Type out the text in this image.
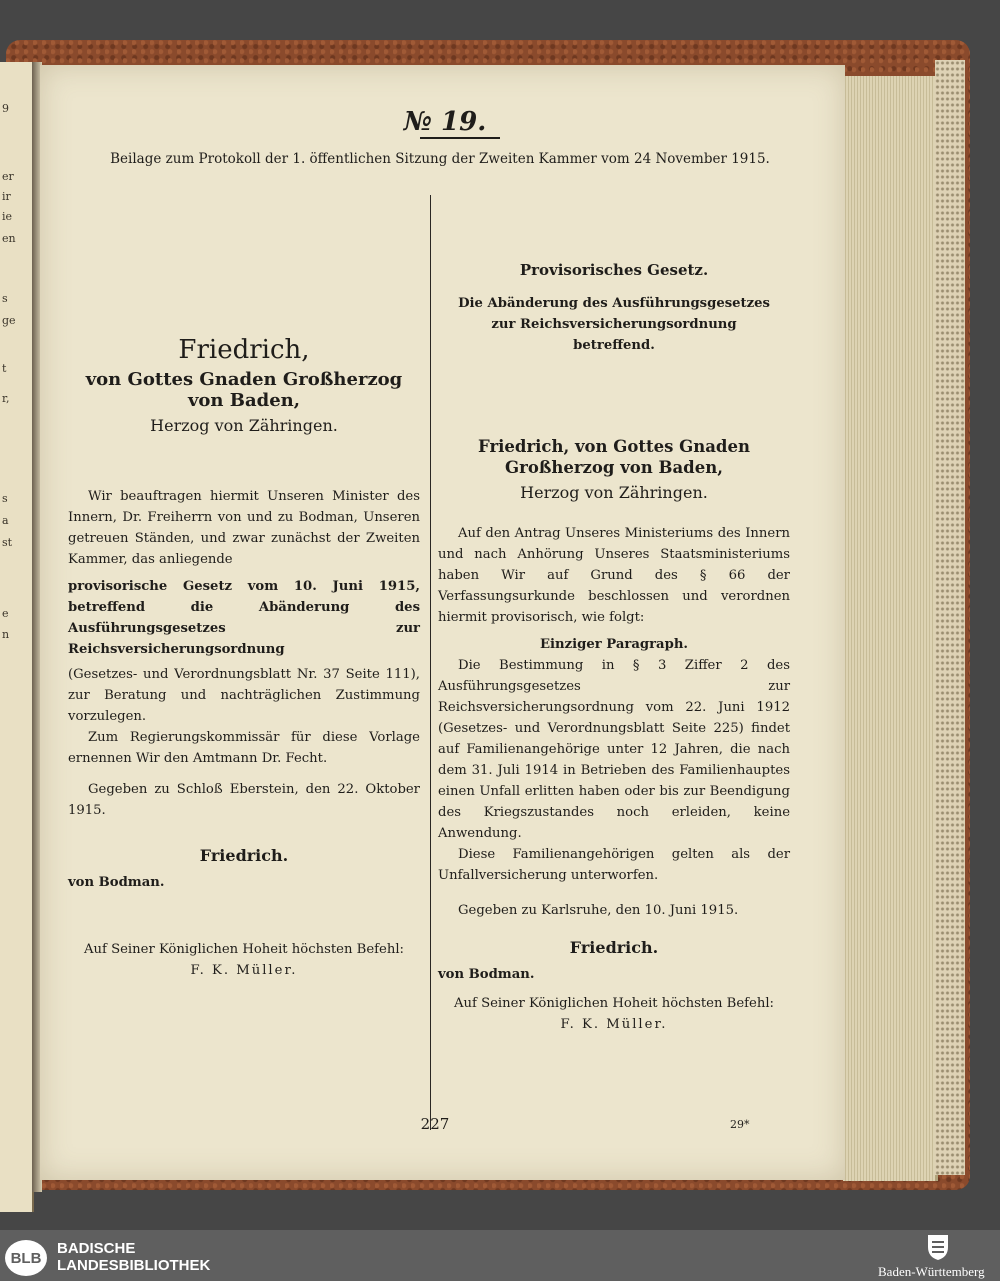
9
er
ir
ie
en
s
ge
t
r,
s
a
st
e
n
№ 19.
Beilage zum Protokoll der 1. öffentlichen Sitzung der Zweiten Kammer vom 24 November 1915.

Friedrich,

von Gottes Gnaden Großherzog von Baden,

Herzog von Zähringen.

Wir beauftragen hiermit Unseren Minister des Innern, Dr. Freiherrn von und zu Bodman, Unseren getreuen Ständen, und zwar zunächst der Zweiten Kammer, das anliegende

provisorische Gesetz vom 10. Juni 1915, betreffend die Abänderung des Ausführungsgesetzes zur Reichsversicherungsordnung

(Gesetzes- und Verordnungsblatt Nr. 37 Seite 111), zur Beratung und nachträglichen Zustimmung vorzulegen.

Zum Regierungskommissär für diese Vorlage ernennen Wir den Amtmann Dr. Fecht.

Gegeben zu Schloß Eberstein, den 22. Oktober 1915.

Friedrich.

von Bodman.

Auf Seiner Königlichen Hoheit höchsten Befehl:

F. K. Müller.

Provisorisches Gesetz.

Die Abänderung des Ausführungsgesetzes zur Reichsversicherungsordnung betreffend.

Friedrich, von Gottes Gnaden Großherzog von Baden,

Herzog von Zähringen.

Auf den Antrag Unseres Ministeriums des Innern und nach Anhörung Unseres Staatsministeriums haben Wir auf Grund des § 66 der Verfassungsurkunde beschlossen und verordnen hiermit provisorisch, wie folgt:

Einziger Paragraph.

Die Bestimmung in § 3 Ziffer 2 des Ausführungsgesetzes zur Reichsversicherungsordnung vom 22. Juni 1912 (Gesetzes- und Verordnungsblatt Seite 225) findet auf Familienangehörige unter 12 Jahren, die nach dem 31. Juli 1914 in Betrieben des Familienhauptes einen Unfall erlitten haben oder bis zur Beendigung des Kriegszustandes noch erleiden, keine Anwendung.

Diese Familienangehörigen gelten als der Unfallversicherung unterworfen.

Gegeben zu Karlsruhe, den 10. Juni 1915.

Friedrich.

von Bodman.

Auf Seiner Königlichen Hoheit höchsten Befehl:

F. K. Müller.

227	29*
BLB
BADISCHE
LANDESBIBLIOTHEK	Baden-Württemberg
